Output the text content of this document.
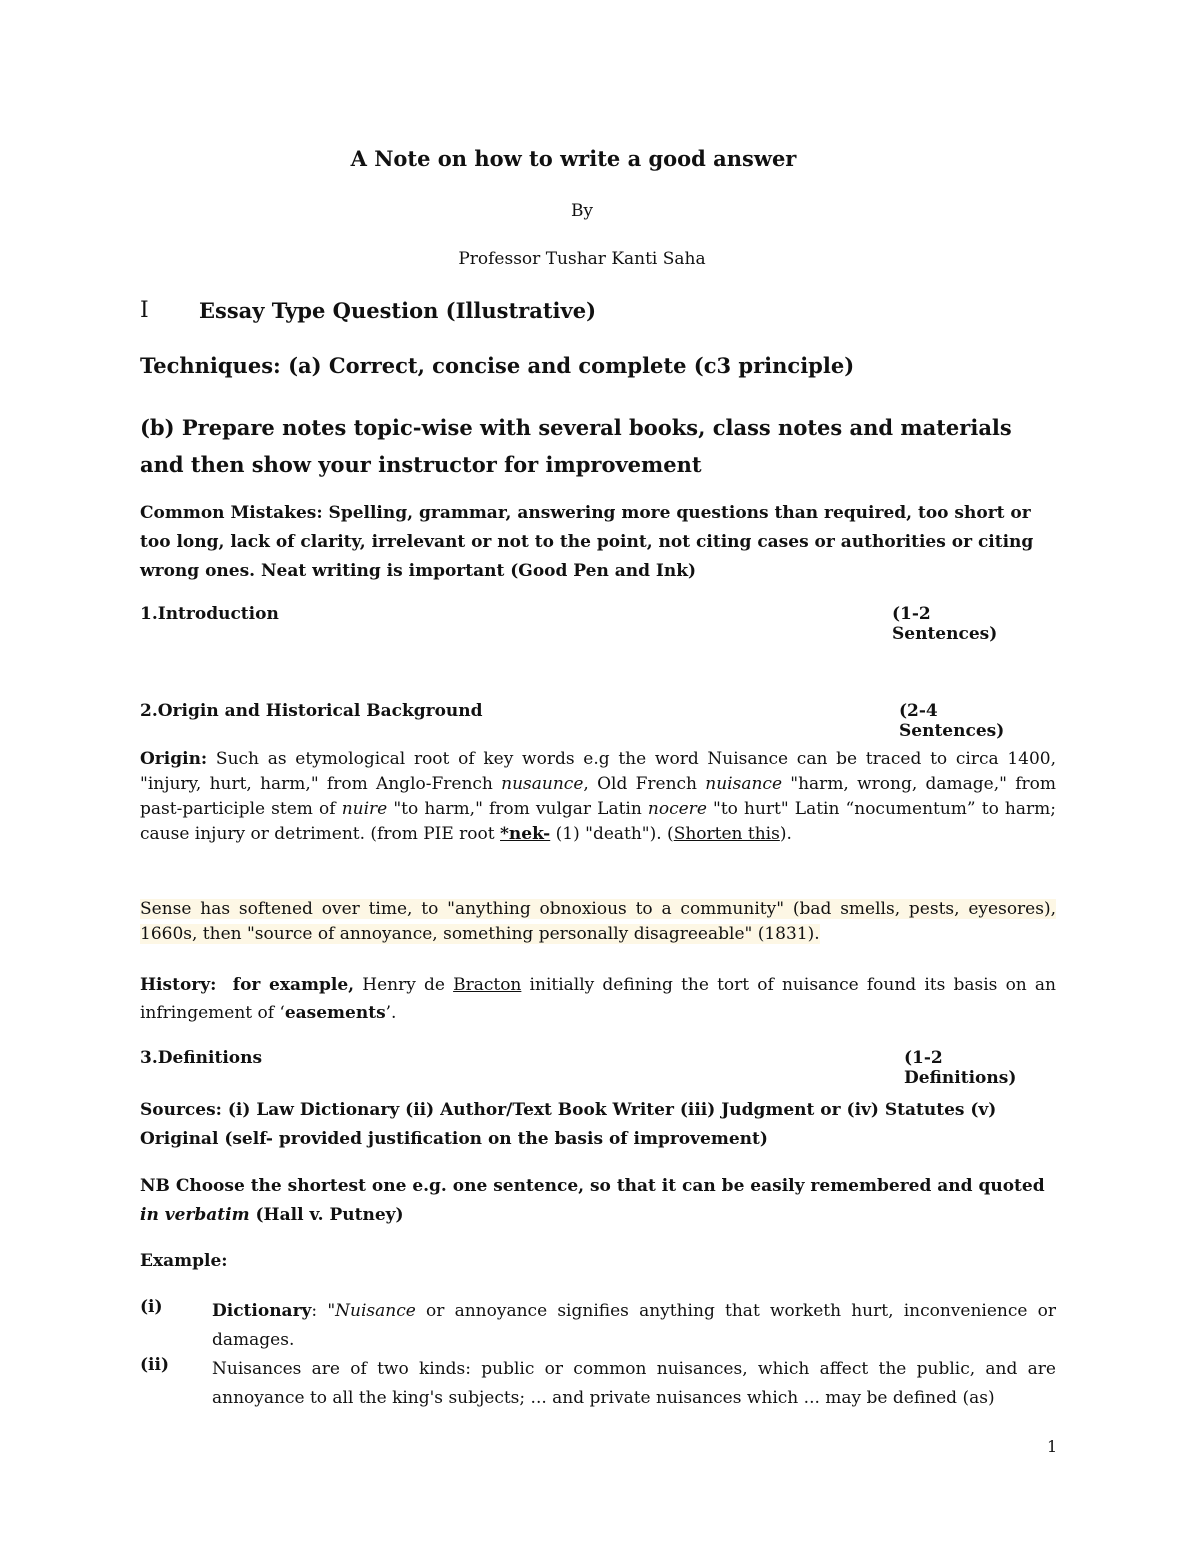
A Note on how to write a good answer
By
Professor Tushar Kanti Saha
I Essay Type Question (Illustrative)
Techniques: (a) Correct, concise and complete (c3 principle)
(b) Prepare notes topic-wise with several books, class notes and materials and then show your instructor for improvement
Common Mistakes: Spelling, grammar, answering more questions than required, too short or too long, lack of clarity, irrelevant or not to the point, not citing cases or authorities or citing wrong ones. Neat writing is important (Good Pen and Ink)
1.Introduction	(1-2 Sentences)
2.Origin and Historical Background	(2-4 Sentences)
Origin: Such as etymological root of key words e.g the word Nuisance can be traced to circa 1400, "injury, hurt, harm," from Anglo-French nusaunce, Old French nuisance "harm, wrong, damage," from past-participle stem of nuire "to harm," from vulgar Latin nocere "to hurt" Latin “nocumentum” to harm; cause injury or detriment. (from PIE root *nek- (1) "death"). (Shorten this).
Sense has softened over time, to "anything obnoxious to a community" (bad smells, pests, eyesores), 1660s, then "source of annoyance, something personally disagreeable" (1831).
History: for example, Henry de Bracton initially defining the tort of nuisance found its basis on an infringement of ‘easements’.
3.Definitions	(1-2 Definitions)
Sources: (i) Law Dictionary (ii) Author/Text Book Writer (iii) Judgment or (iv) Statutes (v) Original (self- provided justification on the basis of improvement)
NB Choose the shortest one e.g. one sentence, so that it can be easily remembered and quoted in verbatim (Hall v. Putney)
Example:
(i)	Dictionary: "Nuisance or annoyance signifies anything that worketh hurt, inconvenience or damages.
(ii)	Nuisances are of two kinds: public or common nuisances, which affect the public, and are annoyance to all the king's subjects; ... and private nuisances which ... may be defined (as)
1
